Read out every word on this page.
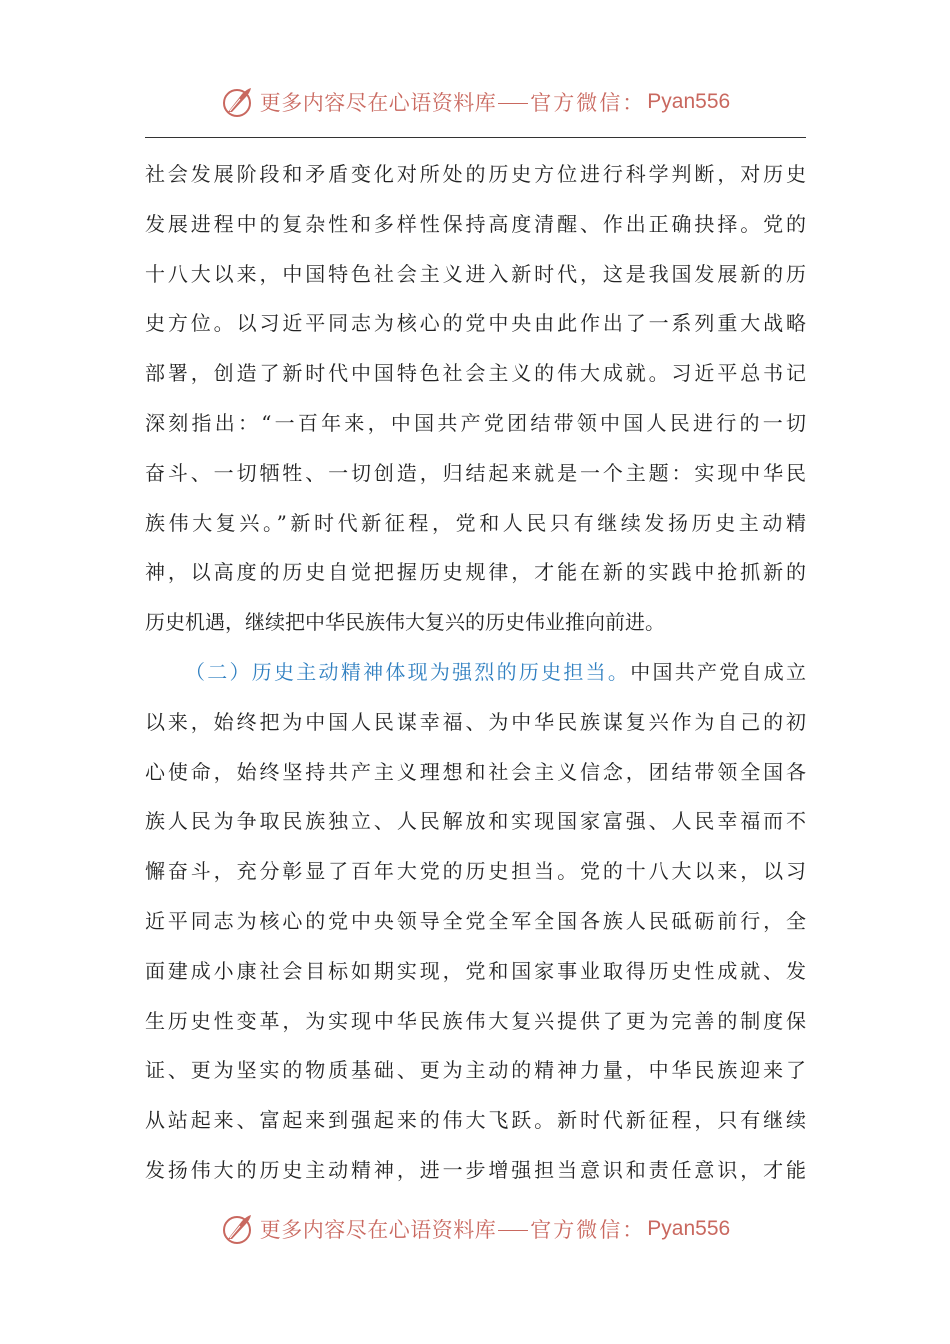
更多内容尽在心语资料库 官方微信： Pyan556
社会发展阶段和矛盾变化对所处的历史方位进行科学判断，对历史
发展进程中的复杂性和多样性保持高度清醒、作出正确抉择。党的
十八大以来，中国特色社会主义进入新时代，这是我国发展新的历
史方位。以习近平同志为核心的党中央由此作出了一系列重大战略
部署，创造了新时代中国特色社会主义的伟大成就。习近平总书记
深刻指出：“一百年来，中国共产党团结带领中国人民进行的一切
奋斗、一切牺牲、一切创造，归结起来就是一个主题：实现中华民
族伟大复兴。”新时代新征程，党和人民只有继续发扬历史主动精
神，以高度的历史自觉把握历史规律，才能在新的实践中抢抓新的
历史机遇，继续把中华民族伟大复兴的历史伟业推向前进。
（二）历史主动精神体现为强烈的历史担当。中国共产党自成立
以来，始终把为中国人民谋幸福、为中华民族谋复兴作为自己的初
心使命，始终坚持共产主义理想和社会主义信念，团结带领全国各
族人民为争取民族独立、人民解放和实现国家富强、人民幸福而不
懈奋斗，充分彰显了百年大党的历史担当。党的十八大以来，以习
近平同志为核心的党中央领导全党全军全国各族人民砥砺前行，全
面建成小康社会目标如期实现，党和国家事业取得历史性成就、发
生历史性变革，为实现中华民族伟大复兴提供了更为完善的制度保
证、更为坚实的物质基础、更为主动的精神力量，中华民族迎来了
从站起来、富起来到强起来的伟大飞跃。新时代新征程，只有继续
发扬伟大的历史主动精神，进一步增强担当意识和责任意识，才能
更多内容尽在心语资料库 官方微信： Pyan556
